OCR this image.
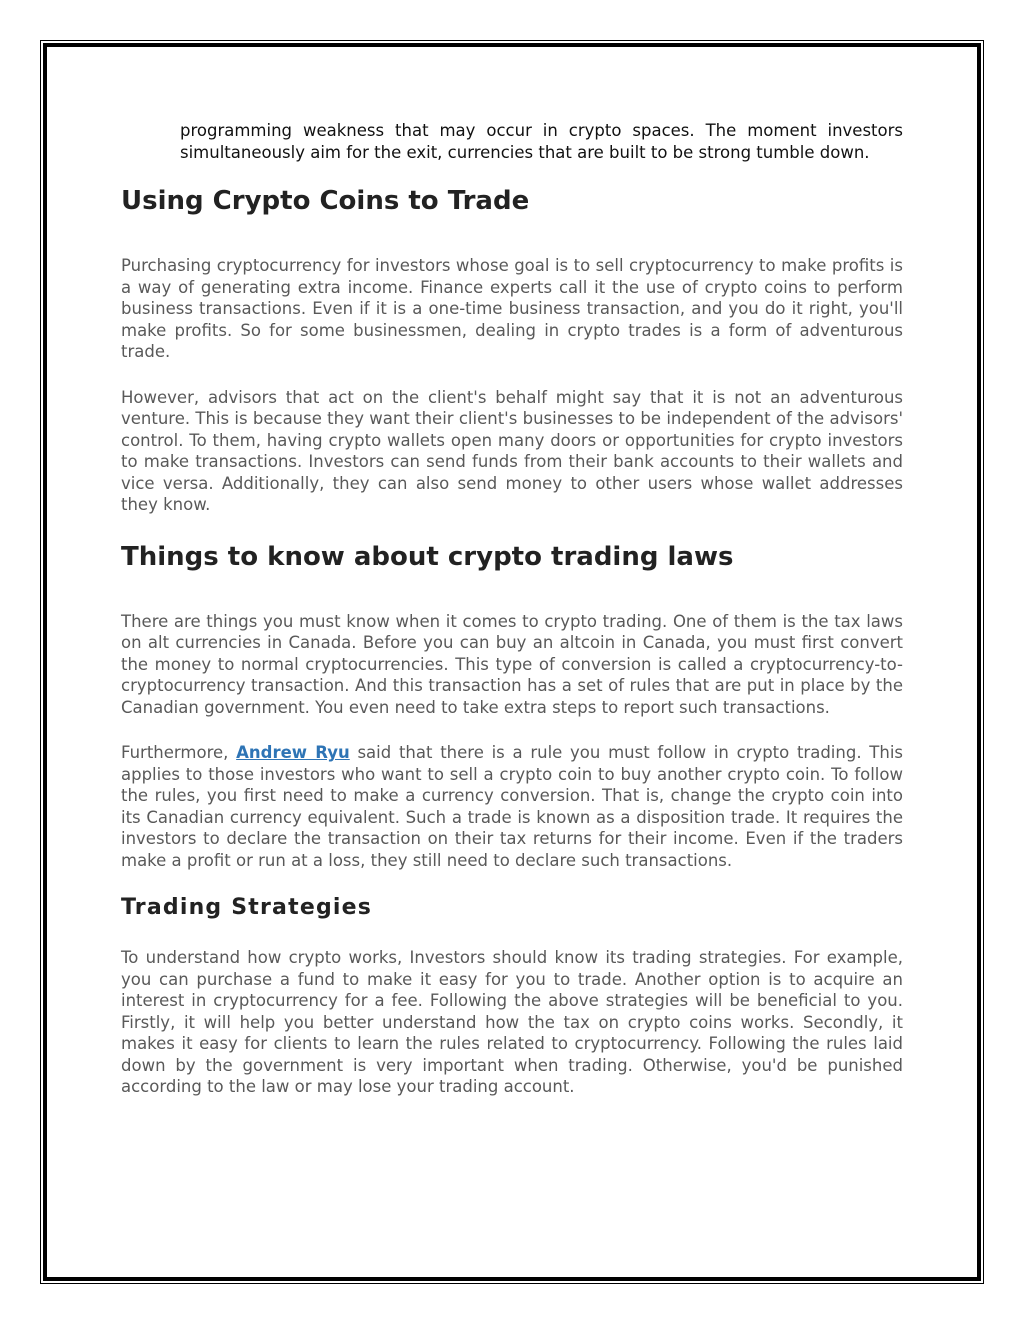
programming weakness that may occur in crypto spaces. The moment investors simultaneously aim for the exit, currencies that are built to be strong tumble down.

Using Crypto Coins to Trade

Purchasing cryptocurrency for investors whose goal is to sell cryptocurrency to make profits is a way of generating extra income. Finance experts call it the use of crypto coins to perform business transactions. Even if it is a one-time business transaction, and you do it right, you'll make profits. So for some businessmen, dealing in crypto trades is a form of adventurous trade.

However, advisors that act on the client's behalf might say that it is not an adventurous venture. This is because they want their client's businesses to be independent of the advisors' control. To them, having crypto wallets open many doors or opportunities for crypto investors to make transactions. Investors can send funds from their bank accounts to their wallets and vice versa. Additionally, they can also send money to other users whose wallet addresses they know.

Things to know about crypto trading laws

There are things you must know when it comes to crypto trading. One of them is the tax laws on alt currencies in Canada. Before you can buy an altcoin in Canada, you must first convert the money to normal cryptocurrencies. This type of conversion is called a cryptocurrency-to-cryptocurrency transaction. And this transaction has a set of rules that are put in place by the Canadian government. You even need to take extra steps to report such transactions.

Furthermore, Andrew Ryu said that there is a rule you must follow in crypto trading. This applies to those investors who want to sell a crypto coin to buy another crypto coin. To follow the rules, you first need to make a currency conversion. That is, change the crypto coin into its Canadian currency equivalent. Such a trade is known as a disposition trade. It requires the investors to declare the transaction on their tax returns for their income. Even if the traders make a profit or run at a loss, they still need to declare such transactions.

Trading Strategies

To understand how crypto works, Investors should know its trading strategies. For example, you can purchase a fund to make it easy for you to trade. Another option is to acquire an interest in cryptocurrency for a fee. Following the above strategies will be beneficial to you. Firstly, it will help you better understand how the tax on crypto coins works. Secondly, it makes it easy for clients to learn the rules related to cryptocurrency. Following the rules laid down by the government is very important when trading. Otherwise, you'd be punished according to the law or may lose your trading account.
